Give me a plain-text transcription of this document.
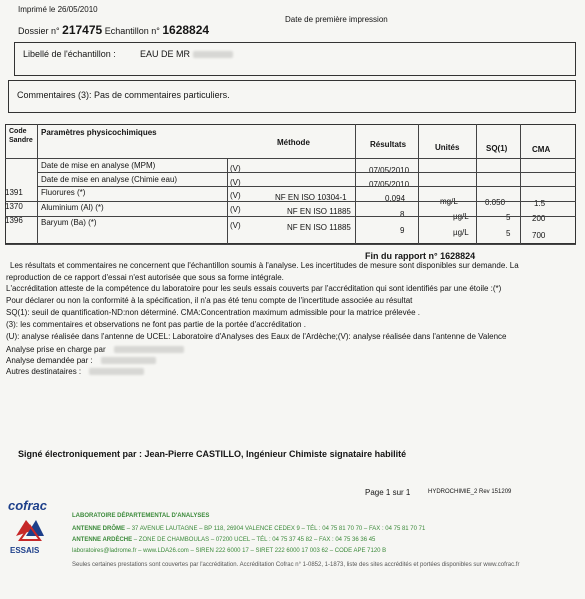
Imprimé le 26/05/2010
Date de première impression
Dossier n° 217475 Echantillon n° 1628824
Libellé de l'échantillon :	EAU DE MR
Commentaires (3): Pas de commentaires particuliers.
Code Sandre
Paramètres physicochimiques
Méthode	Résultats	Unités	SQ(1)	CMA
Date de mise en analyse (MPM)	(V)	07/05/2010
Date de mise en analyse (Chimie eau)	(V)	07/05/2010
1391 Fluorures (*)	(V)	NF EN ISO 10304-1	0.094	mg/L	0.050	1.5
1370 Aluminium (Al) (*)	(V)	NF EN ISO 11885	8	µg/L	5	200
1396 Baryum (Ba) (*)	(V)	NF EN ISO 11885	9	µg/L	5	700
Fin du rapport n° 1628824
Les résultats et commentaires ne concernent que l'échantillon soumis à l'analyse. Les incertitudes de mesure sont disponibles sur demande. La
reproduction de ce rapport d'essai n'est autorisée que sous sa forme intégrale.
L'accréditation atteste de la compétence du laboratoire pour les seuls essais couverts par l'accréditation qui sont identifiés par une étoile :(*)
Pour déclarer ou non la conformité à la spécification, il n'a pas été tenu compte de l'incertitude associée au résultat
SQ(1): seuil de quantification-ND:non déterminé. CMA:Concentration maximum admissible pour la matrice prélevée .
(3): les commentaires et observations ne font pas partie de la portée d'accréditation .
(U): analyse réalisée dans l'antenne de UCEL: Laboratoire d'Analyses des Eaux de l'Ardèche;(V): analyse réalisée dans l'antenne de Valence
Analyse prise en charge par
Analyse demandée par :
Autres destinataires :
Signé électroniquement par : Jean-Pierre CASTILLO, Ingénieur Chimiste signataire habilité
Page 1 sur 1	HYDROCHIMIE_2 Rev 151209
cofrac
ESSAIS
LABORATOIRE DÉPARTEMENTAL D'ANALYSES
ANTENNE DRÔME – 37 AVENUE LAUTAGNE – BP 118, 26904 VALENCE CEDEX 9 – TÉL : 04 75 81 70 70 – FAX : 04 75 81 70 71
ANTENNE ARDÈCHE – ZONE DE CHAMBOULAS – 07200 UCEL – TÉL : 04 75 37 45 82 – FAX : 04 75 36 36 45
laboratoires@ladrome.fr – www.LDA26.com – SIREN 222 6000 17 – SIRET 222 6000 17 003 62 – CODE APE 7120 B
Seules certaines prestations sont couvertes par l'accréditation. Accréditation Cofrac n° 1-0852, 1-1873, liste des sites accrédités et portées disponibles sur www.cofrac.fr
